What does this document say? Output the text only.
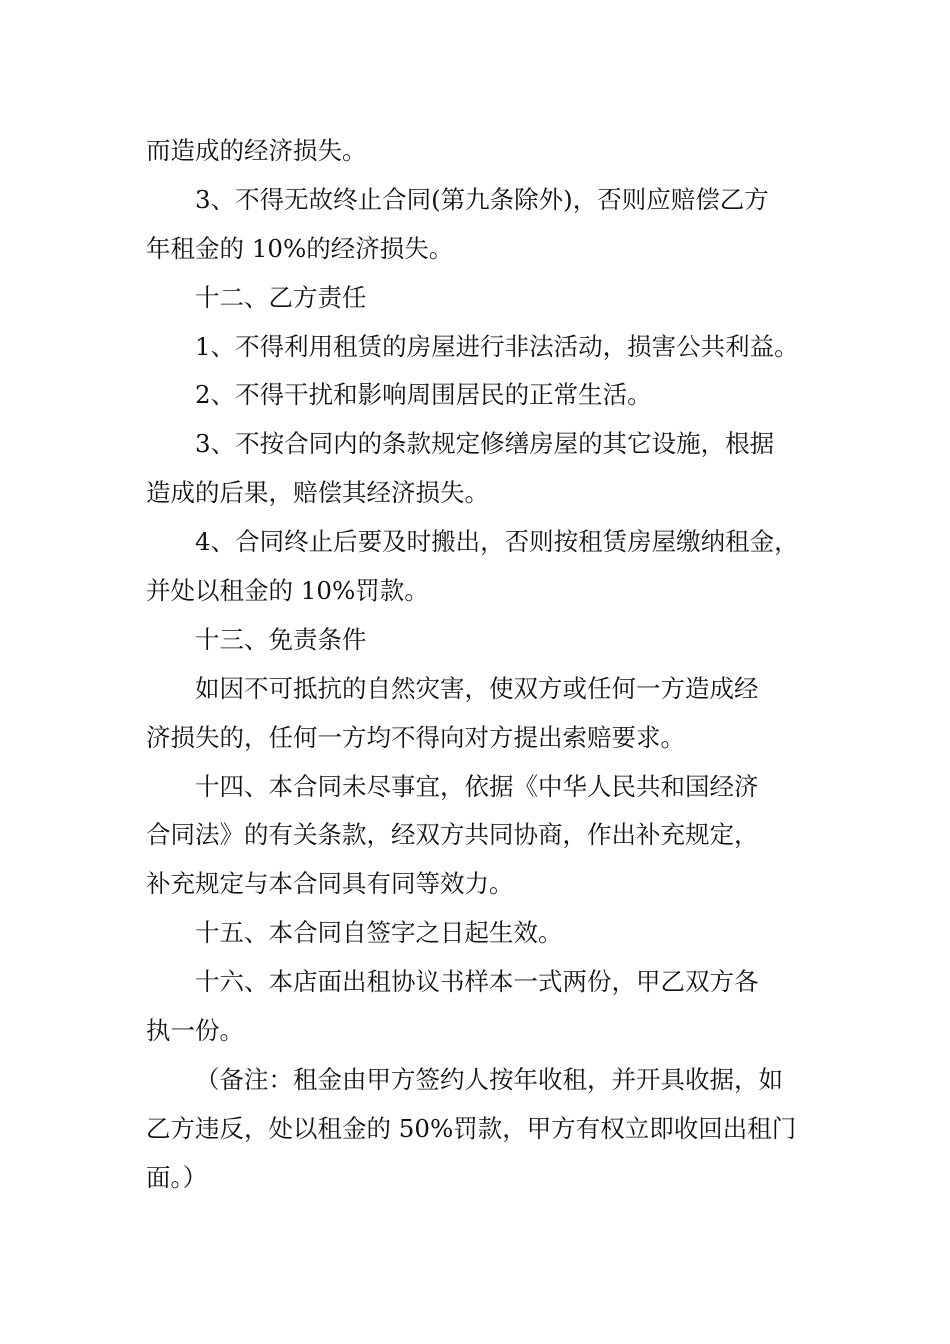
而造成的经济损失。
3、不得无故终止合同(第九条除外)，否则应赔偿乙方
年租金的 10%的经济损失。
十二、乙方责任
1、不得利用租赁的房屋进行非法活动，损害公共利益。
2、不得干扰和影响周围居民的正常生活。
3、不按合同内的条款规定修缮房屋的其它设施，根据
造成的后果，赔偿其经济损失。
4、合同终止后要及时搬出，否则按租赁房屋缴纳租金，
并处以租金的 10%罚款。
十三、免责条件
如因不可抵抗的自然灾害，使双方或任何一方造成经
济损失的，任何一方均不得向对方提出索赔要求。
十四、本合同未尽事宜，依据《中华人民共和国经济
合同法》的有关条款，经双方共同协商，作出补充规定，
补充规定与本合同具有同等效力。
十五、本合同自签字之日起生效。
十六、本店面出租协议书样本一式两份，甲乙双方各
执一份。
（备注：租金由甲方签约人按年收租，并开具收据，如
乙方违反，处以租金的 50%罚款，甲方有权立即收回出租门
面。）
